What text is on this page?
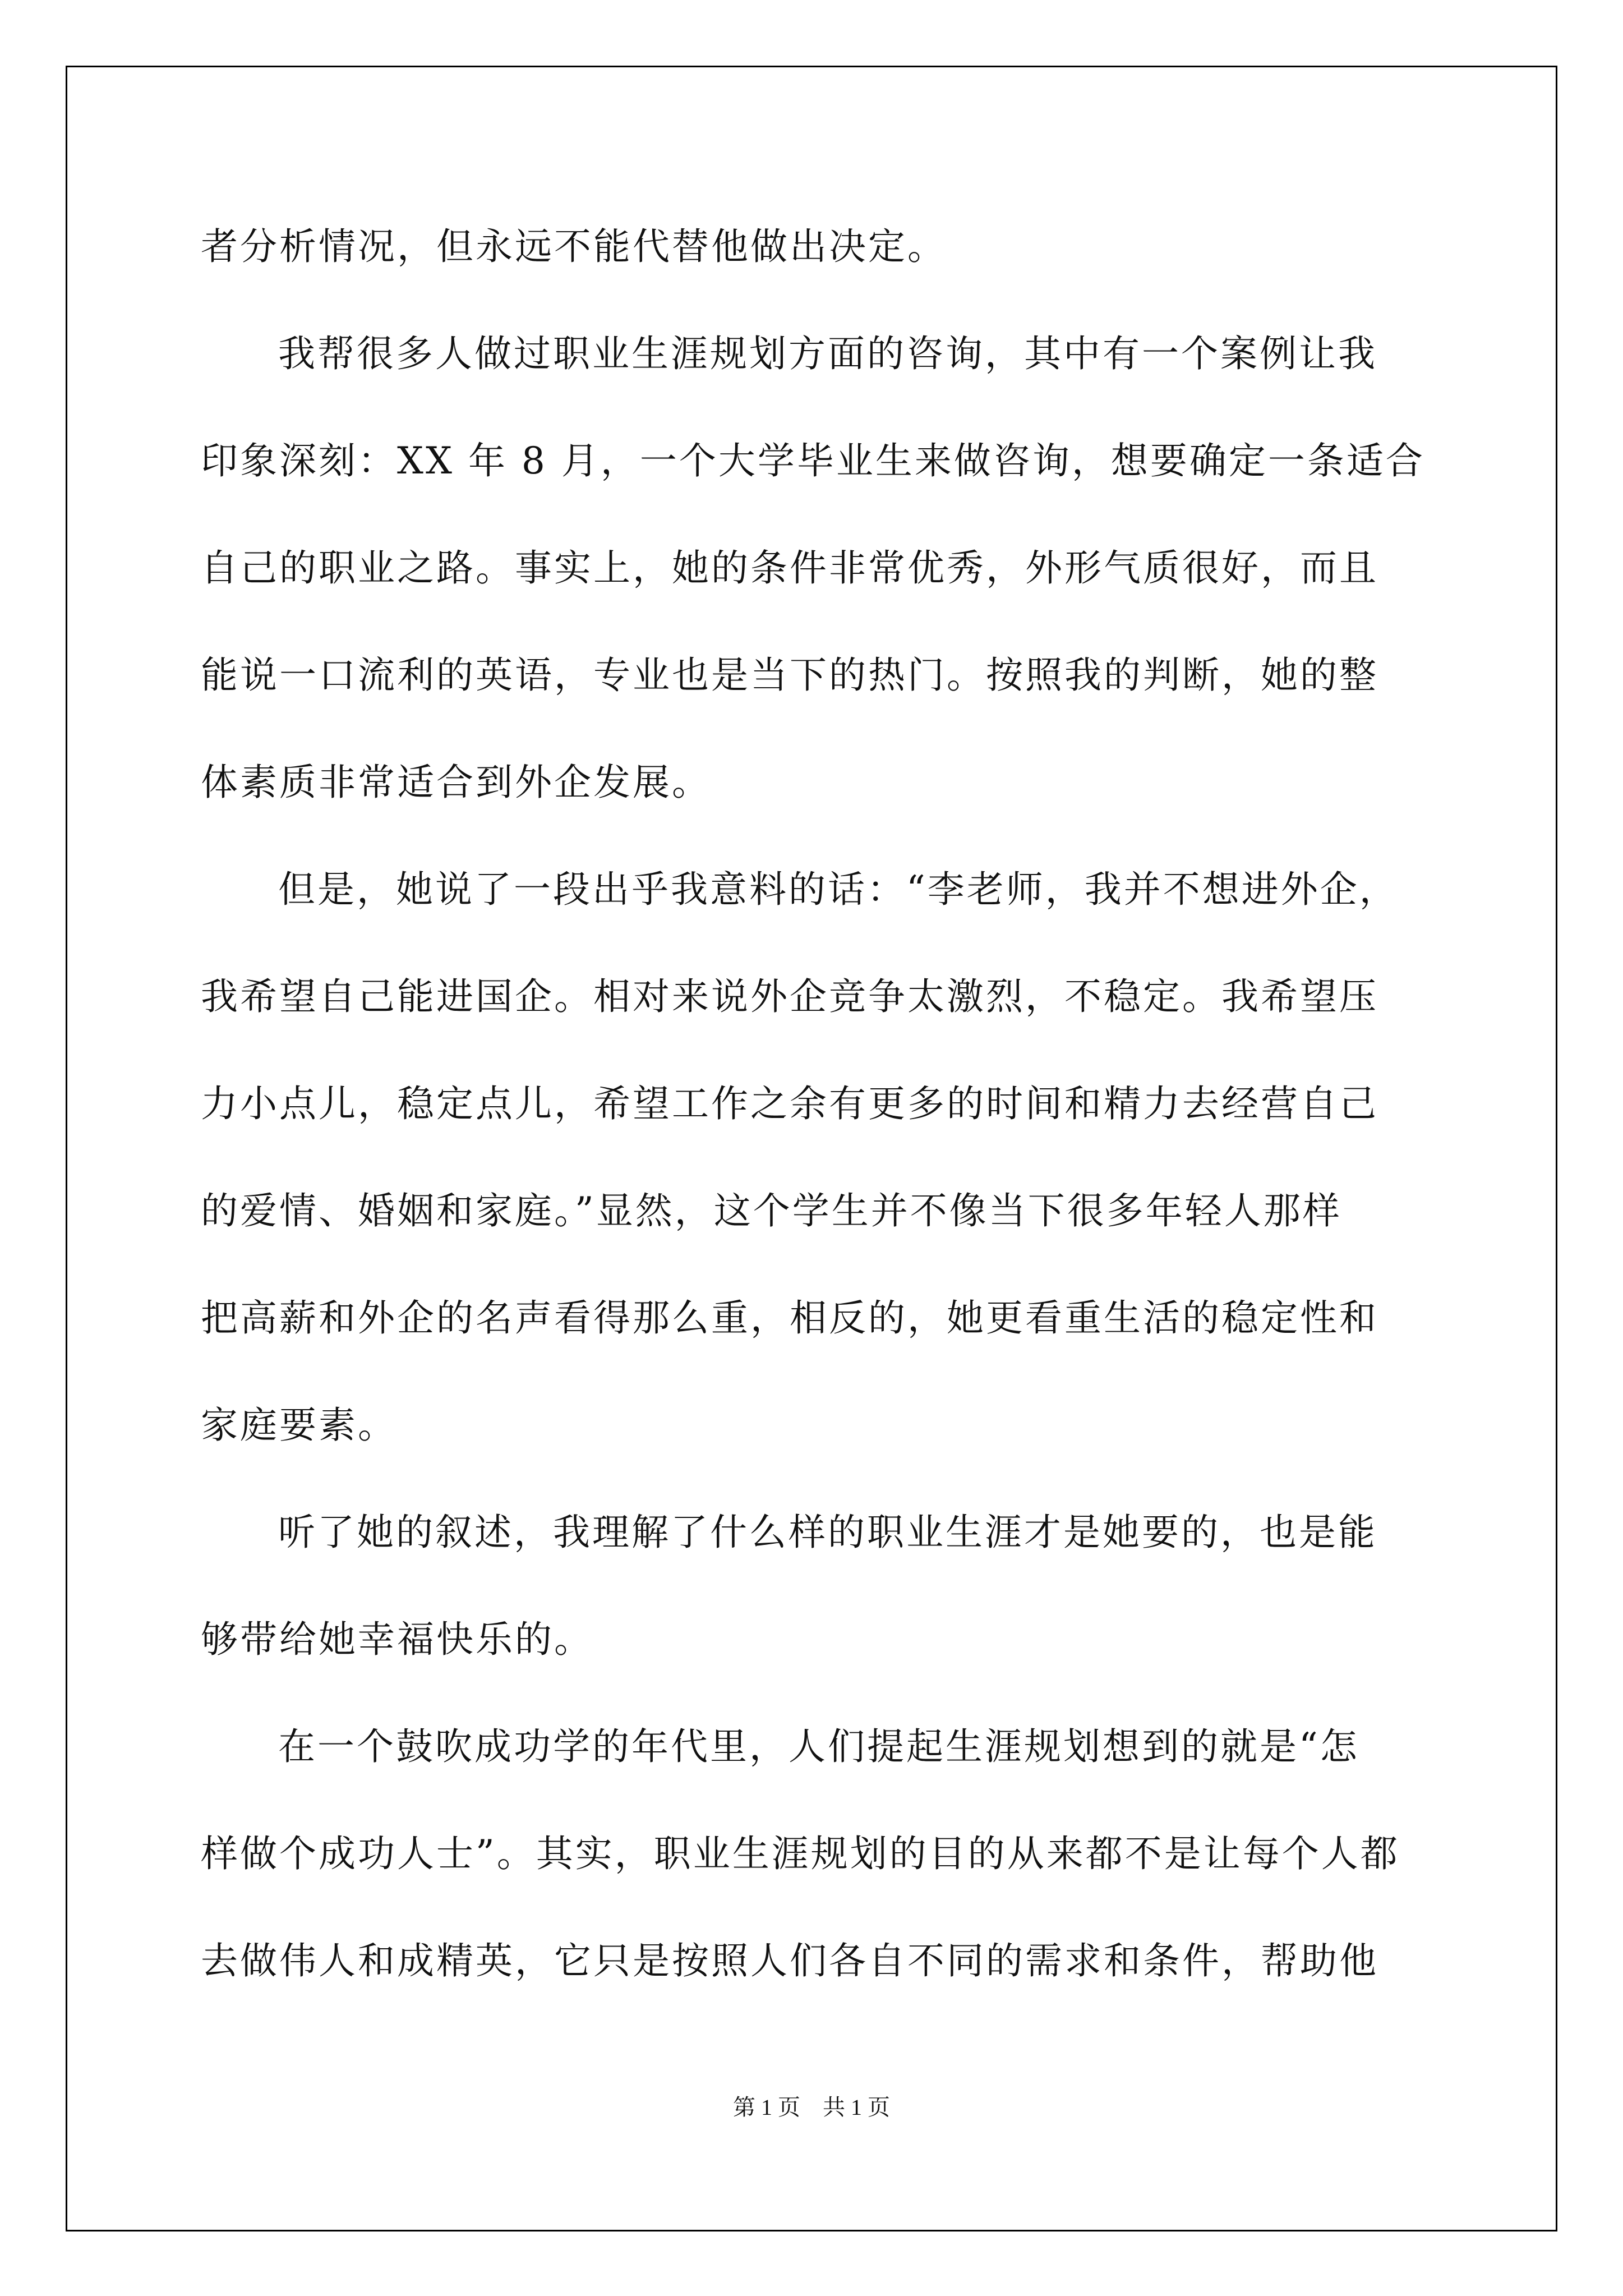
者分析情况，但永远不能代替他做出决定。
我帮很多人做过职业生涯规划方面的咨询，其中有一个案例让我
印象深刻：XX 年 8 月，一个大学毕业生来做咨询，想要确定一条适合
自己的职业之路。事实上，她的条件非常优秀，外形气质很好，而且
能说一口流利的英语，专业也是当下的热门。按照我的判断，她的整
体素质非常适合到外企发展。
但是，她说了一段出乎我意料的话：“李老师，我并不想进外企，
我希望自己能进国企。相对来说外企竞争太激烈，不稳定。我希望压
力小点儿，稳定点儿，希望工作之余有更多的时间和精力去经营自己
的爱情、婚姻和家庭。”显然，这个学生并不像当下很多年轻人那样
把高薪和外企的名声看得那么重，相反的，她更看重生活的稳定性和
家庭要素。
听了她的叙述，我理解了什么样的职业生涯才是她要的，也是能
够带给她幸福快乐的。
在一个鼓吹成功学的年代里，人们提起生涯规划想到的就是“怎
样做个成功人士”。其实，职业生涯规划的目的从来都不是让每个人都
去做伟人和成精英，它只是按照人们各自不同的需求和条件，帮助他
第 1 页 共 1 页
